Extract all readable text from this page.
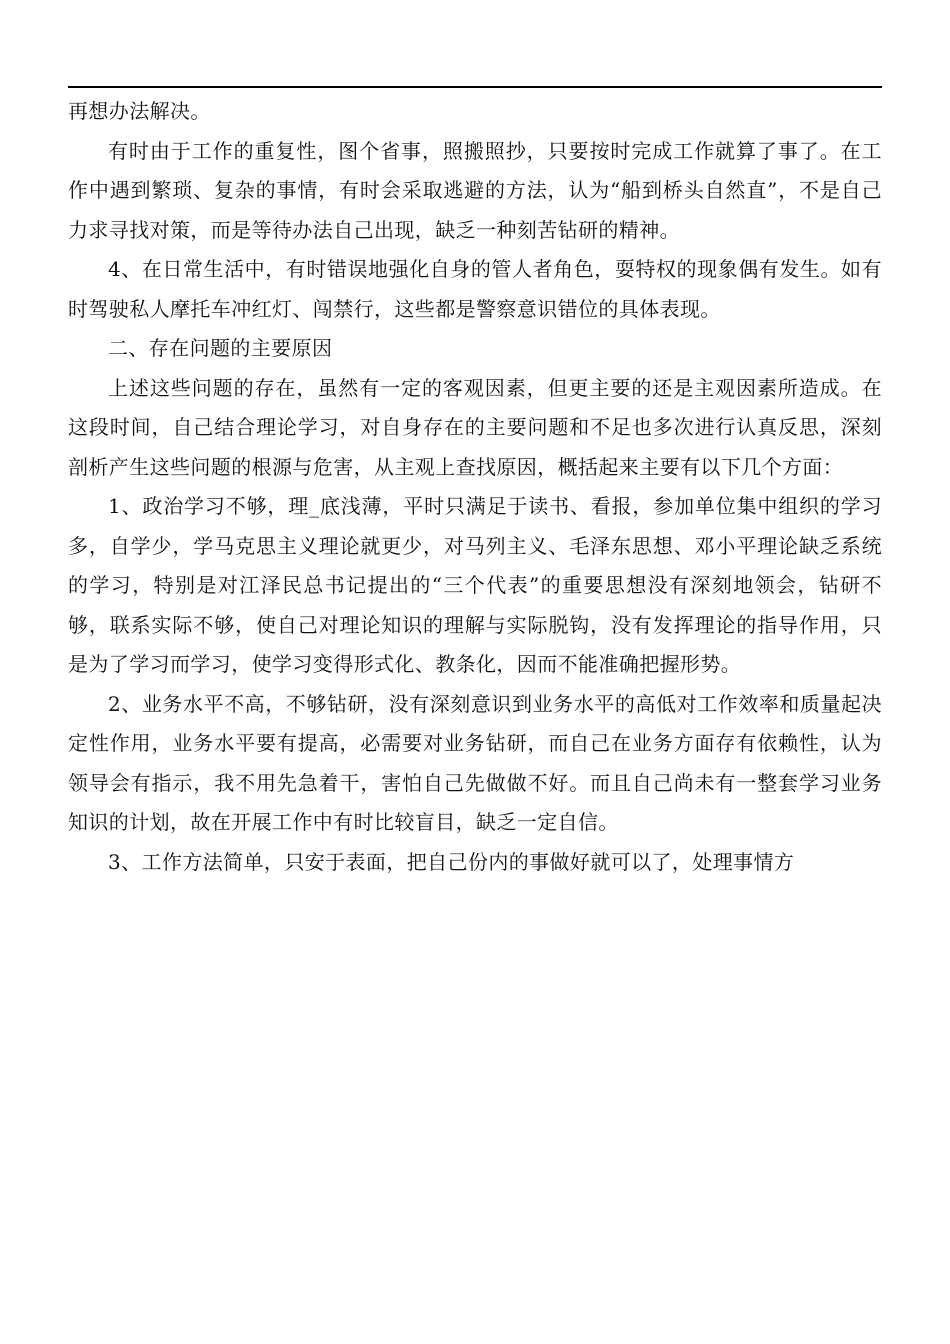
再想办法解决。

有时由于工作的重复性，图个省事，照搬照抄，只要按时完成工作就算了事了。在工作中遇到繁琐、复杂的事情，有时会采取逃避的方法，认为“船到桥头自然直”，不是自己力求寻找对策，而是等待办法自己出现，缺乏一种刻苦钻研的精神。

4、在日常生活中，有时错误地强化自身的管人者角色，耍特权的现象偶有发生。如有时驾驶私人摩托车冲红灯、闯禁行，这些都是警察意识错位的具体表现。

二、存在问题的主要原因

上述这些问题的存在，虽然有一定的客观因素，但更主要的还是主观因素所造成。在这段时间，自己结合理论学习，对自身存在的主要问题和不足也多次进行认真反思，深刻剖析产生这些问题的根源与危害，从主观上查找原因，概括起来主要有以下几个方面：

1、政治学习不够，理_底浅薄，平时只满足于读书、看报，参加单位集中组织的学习多，自学少，学马克思主义理论就更少，对马列主义、毛泽东思想、邓小平理论缺乏系统的学习，特别是对江泽民总书记提出的“三个代表”的重要思想没有深刻地领会，钻研不够，联系实际不够，使自己对理论知识的理解与实际脱钩，没有发挥理论的指导作用，只是为了学习而学习，使学习变得形式化、教条化，因而不能准确把握形势。

2、业务水平不高，不够钻研，没有深刻意识到业务水平的高低对工作效率和质量起决定性作用，业务水平要有提高，必需要对业务钻研，而自己在业务方面存有依赖性，认为领导会有指示，我不用先急着干，害怕自己先做做不好。而且自己尚未有一整套学习业务知识的计划，故在开展工作中有时比较盲目，缺乏一定自信。

3、工作方法简单，只安于表面，把自己份内的事做好就可以了，处理事情方
